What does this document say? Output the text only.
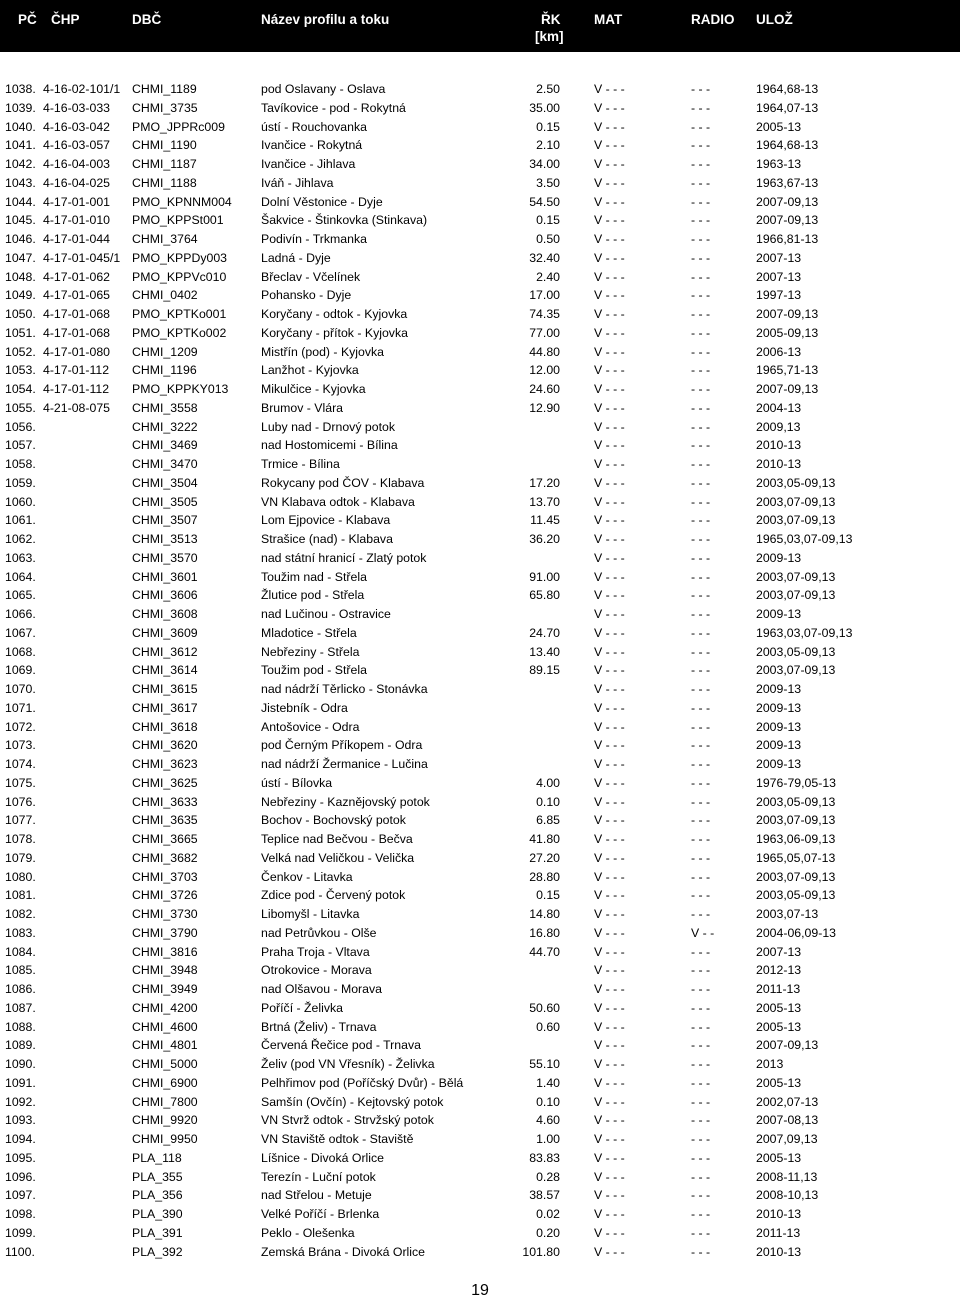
PČ ČHP	DBČ	Název profilu a toku	ŘK
[km]
MAT	RADIO ULOŽ
1038. 4-16-02-101/1 CHMI_1189	pod Oslavany - Oslava	2.50	V - - -	- - -	1964,68-13
1039. 4-16-03-033 CHMI_3735	Tavíkovice - pod - Rokytná	35.00	V - - -	- - -	1964,07-13
1040. 4-16-03-042 PMO_JPPRc009	ústí - Rouchovanka	0.15	V - - -	- - -	2005-13
1041. 4-16-03-057 CHMI_1190	Ivančice - Rokytná	2.10	V - - -	- - -	1964,68-13
1042. 4-16-04-003 CHMI_1187	Ivančice - Jihlava	34.00	V - - -	- - -	1963-13
1043. 4-16-04-025 CHMI_1188	Iváň - Jihlava	3.50	V - - -	- - -	1963,67-13
1044. 4-17-01-001 PMO_KPNNM004 Dolní Věstonice - Dyje	54.50	V - - -	- - -	2007-09,13
1045. 4-17-01-010 PMO_KPPSt001	Šakvice - Štinkovka (Stinkava)	0.15	V - - -	- - -	2007-09,13
1046. 4-17-01-044 CHMI_3764	Podivín - Trkmanka	0.50	V - - -	- - -	1966,81-13
1047. 4-17-01-045/1 PMO_KPPDy003	Ladná - Dyje	32.40	V - - -	- - -	2007-13
1048. 4-17-01-062 PMO_KPPVc010	Břeclav - Včelínek	2.40	V - - -	- - -	2007-13
1049. 4-17-01-065 CHMI_0402	Pohansko - Dyje	17.00	V - - -	- - -	1997-13
1050. 4-17-01-068 PMO_KPTKo001	Koryčany - odtok - Kyjovka	74.35	V - - -	- - -	2007-09,13
1051. 4-17-01-068 PMO_KPTKo002	Koryčany - přítok - Kyjovka	77.00	V - - -	- - -	2005-09,13
1052. 4-17-01-080 CHMI_1209	Mistřín (pod) - Kyjovka	44.80	V - - -	- - -	2006-13
1053. 4-17-01-112 CHMI_1196	Lanžhot - Kyjovka	12.00	V - - -	- - -	1965,71-13
1054. 4-17-01-112 PMO_KPPKY013	Mikulčice - Kyjovka	24.60	V - - -	- - -	2007-09,13
1055. 4-21-08-075 CHMI_3558	Brumov - Vlára	12.90	V - - -	- - -	2004-13
1056.	CHMI_3222	Luby nad - Drnový potok	V - - -	- - -	2009,13
1057.	CHMI_3469	nad Hostomicemi - Bílina	V - - -	- - -	2010-13
1058.	CHMI_3470	Trmice - Bílina	V - - -	- - -	2010-13
1059.	CHMI_3504	Rokycany pod ČOV - Klabava	17.20	V - - -	- - -	2003,05-09,13
1060.	CHMI_3505	VN Klabava odtok - Klabava	13.70	V - - -	- - -	2003,07-09,13
1061.	CHMI_3507	Lom Ejpovice - Klabava	11.45	V - - -	- - -	2003,07-09,13
1062.	CHMI_3513	Strašice (nad) - Klabava	36.20	V - - -	- - -	1965,03,07-09,13
1063.	CHMI_3570	nad státní hranicí - Zlatý potok	V - - -	- - -	2009-13
1064.	CHMI_3601	Toužim nad - Střela	91.00	V - - -	- - -	2003,07-09,13
1065.	CHMI_3606	Žlutice pod - Střela	65.80	V - - -	- - -	2003,07-09,13
1066.	CHMI_3608	nad Lučinou - Ostravice	V - - -	- - -	2009-13
1067.	CHMI_3609	Mladotice - Střela	24.70	V - - -	- - -	1963,03,07-09,13
1068.	CHMI_3612	Nebřeziny - Střela	13.40	V - - -	- - -	2003,05-09,13
1069.	CHMI_3614	Toužim pod - Střela	89.15	V - - -	- - -	2003,07-09,13
1070.	CHMI_3615	nad nádrží Těrlicko - Stonávka	V - - -	- - -	2009-13
1071.	CHMI_3617	Jistebník - Odra	V - - -	- - -	2009-13
1072.	CHMI_3618	Antošovice - Odra	V - - -	- - -	2009-13
1073.	CHMI_3620	pod Černým Příkopem - Odra	V - - -	- - -	2009-13
1074.	CHMI_3623	nad nádrží Žermanice - Lučina	V - - -	- - -	2009-13
1075.	CHMI_3625	ústí - Bílovka	4.00	V - - -	- - -	1976-79,05-13
1076.	CHMI_3633	Nebřeziny - Kaznějovský potok	0.10	V - - -	- - -	2003,05-09,13
1077.	CHMI_3635	Bochov - Bochovský potok	6.85	V - - -	- - -	2003,07-09,13
1078.	CHMI_3665	Teplice nad Bečvou - Bečva	41.80	V - - -	- - -	1963,06-09,13
1079.	CHMI_3682	Velká nad Veličkou - Velička	27.20	V - - -	- - -	1965,05,07-13
1080.	CHMI_3703	Čenkov - Litavka	28.80	V - - -	- - -	2003,07-09,13
1081.	CHMI_3726	Zdice pod - Červený potok	0.15	V - - -	- - -	2003,05-09,13
1082.	CHMI_3730	Libomyšl - Litavka	14.80	V - - -	- - -	2003,07-13
1083.	CHMI_3790	nad Petrůvkou - Olše	16.80	V - - -	V - -	2004-06,09-13
1084.	CHMI_3816	Praha Troja - Vltava	44.70	V - - -	- - -	2007-13
1085.	CHMI_3948	Otrokovice - Morava	V - - -	- - -	2012-13
1086.	CHMI_3949	nad Olšavou - Morava	V - - -	- - -	2011-13
1087.	CHMI_4200	Poříčí - Želivka	50.60	V - - -	- - -	2005-13
1088.	CHMI_4600	Brtná (Želiv) - Trnava	0.60	V - - -	- - -	2005-13
1089.	CHMI_4801	Červená Řečice pod - Trnava	V - - -	- - -	2007-09,13
1090.	CHMI_5000	Želiv (pod VN Vřesník) - Želivka	55.10	V - - -	- - -	2013
1091.	CHMI_6900	Pelhřimov pod (Poříčský Dvůr) - Bělá	1.40	V - - -	- - -	2005-13
1092.	CHMI_7800	Samšín (Ovčín) - Kejtovský potok	0.10	V - - -	- - -	2002,07-13
1093.	CHMI_9920	VN Stvrž odtok - Strvžský potok	4.60	V - - -	- - -	2007-08,13
1094.	CHMI_9950	VN Staviště odtok - Staviště	1.00	V - - -	- - -	2007,09,13
1095.	PLA_118	Líšnice - Divoká Orlice	83.83	V - - -	- - -	2005-13
1096.	PLA_355	Terezín - Luční potok	0.28	V - - -	- - -	2008-11,13
1097.	PLA_356	nad Střelou - Metuje	38.57	V - - -	- - -	2008-10,13
1098.	PLA_390	Velké Poříčí - Brlenka	0.02	V - - -	- - -	2010-13
1099.	PLA_391	Peklo - Olešenka	0.20	V - - -	- - -	2011-13
1100.	PLA_392	Zemská Brána - Divoká Orlice	101.80	V - - -	- - -	2010-13
19
